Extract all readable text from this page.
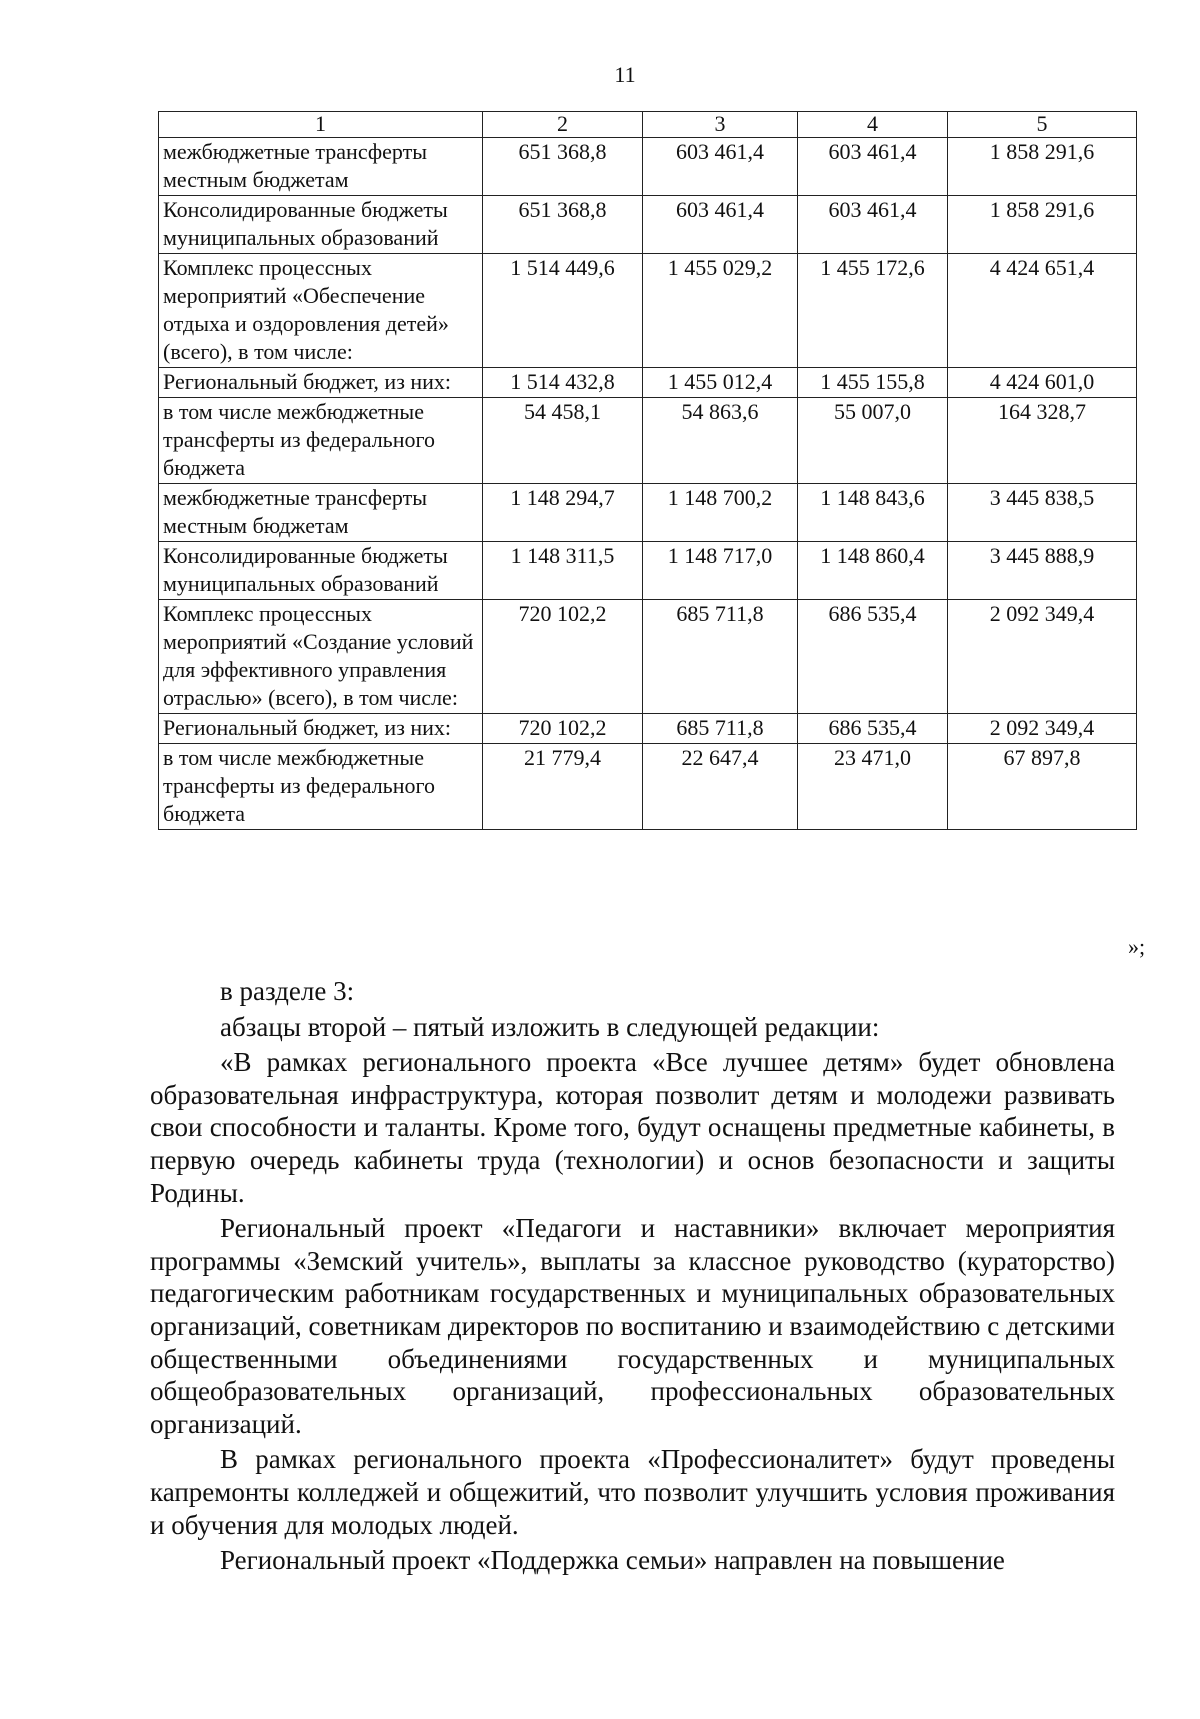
11
1	2	3	4	5
межбюджетные трансферты местным бюджетам	651 368,8	603 461,4	603 461,4	1 858 291,6
Консолидированные бюджеты муниципальных образований	651 368,8	603 461,4	603 461,4	1 858 291,6
Комплекс процессных мероприятий «Обеспечение отдыха и оздоровления детей» (всего), в том числе:	1 514 449,6	1 455 029,2	1 455 172,6	4 424 651,4
Региональный бюджет, из них:	1 514 432,8	1 455 012,4	1 455 155,8	4 424 601,0
в том числе межбюджетные трансферты из федерального бюджета	54 458,1	54 863,6	55 007,0	164 328,7
межбюджетные трансферты местным бюджетам	1 148 294,7	1 148 700,2	1 148 843,6	3 445 838,5
Консолидированные бюджеты муниципальных образований	1 148 311,5	1 148 717,0	1 148 860,4	3 445 888,9
Комплекс процессных мероприятий «Создание условий для эффективного управления отраслью» (всего), в том числе:	720 102,2	685 711,8	686 535,4	2 092 349,4
Региональный бюджет, из них:	720 102,2	685 711,8	686 535,4	2 092 349,4
в том числе межбюджетные трансферты из федерального бюджета	21 779,4	22 647,4	23 471,0	67 897,8
»;

в разделе 3:

абзацы второй – пятый изложить в следующей редакции:

«В рамках регионального проекта «Все лучшее детям» будет обновлена образовательная инфраструктура, которая позволит детям и молодежи развивать свои способности и таланты. Кроме того, будут оснащены предметные кабинеты, в первую очередь кабинеты труда (технологии) и основ безопасности и защиты Родины.

Региональный проект «Педагоги и наставники» включает мероприятия программы «Земский учитель», выплаты за классное руководство (кураторство) педагогическим работникам государственных и муниципальных образовательных организаций, советникам директоров по воспитанию и взаимодействию с детскими общественными объединениями государственных и муниципальных общеобразовательных организаций, профессиональных образовательных организаций.

В рамках регионального проекта «Профессионалитет» будут проведены капремонты колледжей и общежитий, что позволит улучшить условия проживания и обучения для молодых людей.

Региональный проект «Поддержка семьи» направлен на повышение
